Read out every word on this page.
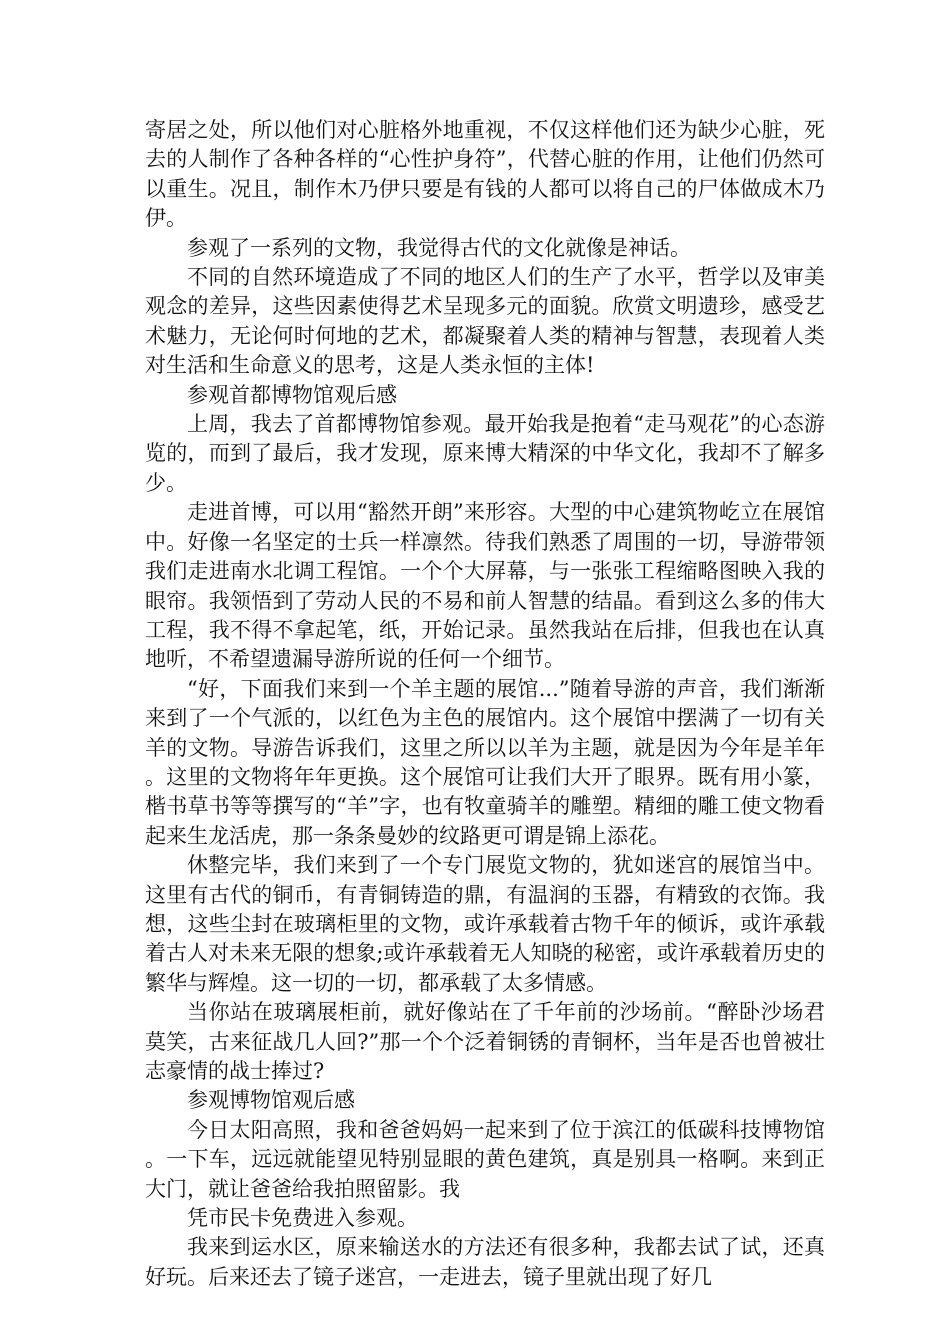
寄居之处，所以他们对心脏格外地重视，不仅这样他们还为缺少心脏，死去的人制作了各种各样的“心性护身符”，代替心脏的作用，让他们仍然可以重生。况且，制作木乃伊只要是有钱的人都可以将自己的尸体做成木乃伊。

参观了一系列的文物，我觉得古代的文化就像是神话。

不同的自然环境造成了不同的地区人们的生产了水平，哲学以及审美观念的差异，这些因素使得艺术呈现多元的面貌。欣赏文明遗珍，感受艺术魅力，无论何时何地的艺术，都凝聚着人类的精神与智慧，表现着人类对生活和生命意义的思考，这是人类永恒的主体!

参观首都博物馆观后感

上周，我去了首都博物馆参观。最开始我是抱着“走马观花”的心态游览的，而到了最后，我才发现，原来博大精深的中华文化，我却不了解多少。

走进首博，可以用“豁然开朗”来形容。大型的中心建筑物屹立在展馆中。好像一名坚定的士兵一样凛然。待我们熟悉了周围的一切，导游带领我们走进南水北调工程馆。一个个大屏幕，与一张张工程缩略图映入我的眼帘。我领悟到了劳动人民的不易和前人智慧的结晶。看到这么多的伟大工程，我不得不拿起笔，纸，开始记录。虽然我站在后排，但我也在认真地听，不希望遗漏导游所说的任何一个细节。

“好，下面我们来到一个羊主题的展馆...”随着导游的声音，我们渐渐来到了一个气派的，以红色为主色的展馆内。这个展馆中摆满了一切有关羊的文物。导游告诉我们，这里之所以以羊为主题，就是因为今年是羊年。这里的文物将年年更换。这个展馆可让我们大开了眼界。既有用小篆，楷书草书等等撰写的“羊”字，也有牧童骑羊的雕塑。精细的雕工使文物看起来生龙活虎，那一条条曼妙的纹路更可谓是锦上添花。

休整完毕，我们来到了一个专门展览文物的，犹如迷宫的展馆当中。这里有古代的铜币，有青铜铸造的鼎，有温润的玉器，有精致的衣饰。我想，这些尘封在玻璃柜里的文物，或许承载着古物千年的倾诉，或许承载着古人对未来无限的想象;或许承载着无人知晓的秘密，或许承载着历史的繁华与辉煌。这一切的一切，都承载了太多情感。

当你站在玻璃展柜前，就好像站在了千年前的沙场前。“醉卧沙场君莫笑，古来征战几人回?”那一个个泛着铜锈的青铜杯，当年是否也曾被壮志豪情的战士捧过?

参观博物馆观后感

今日太阳高照，我和爸爸妈妈一起来到了位于滨江的低碳科技博物馆。一下车，远远就能望见特别显眼的黄色建筑，真是别具一格啊。来到正大门，就让爸爸给我拍照留影。我

凭市民卡免费进入参观。

我来到运水区，原来输送水的方法还有很多种，我都去试了试，还真好玩。后来还去了镜子迷宫，一走进去，镜子里就出现了好几
